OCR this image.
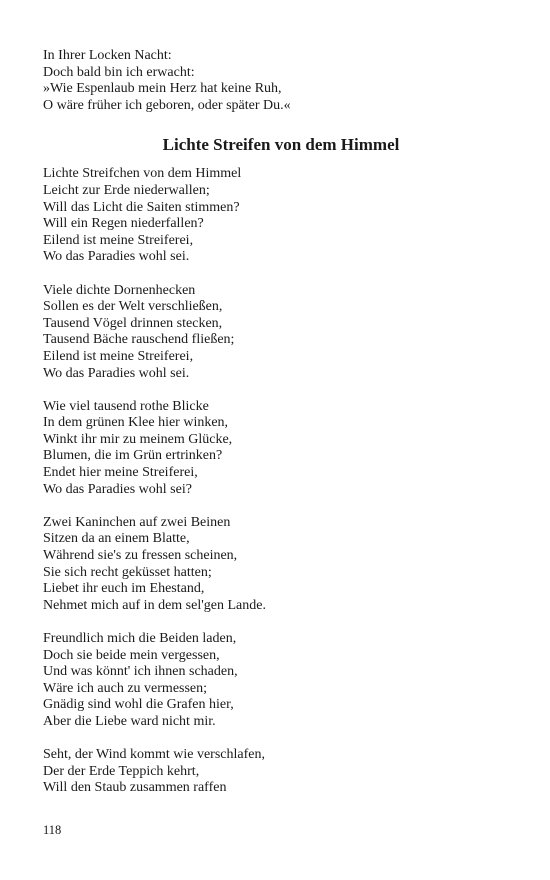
In Ihrer Locken Nacht:
Doch bald bin ich erwacht:
»Wie Espenlaub mein Herz hat keine Ruh,
O wäre früher ich geboren, oder später Du.«
Lichte Streifen von dem Himmel
Lichte Streifchen von dem Himmel
Leicht zur Erde niederwallen;
Will das Licht die Saiten stimmen?
Will ein Regen niederfallen?
Eilend ist meine Streiferei,
Wo das Paradies wohl sei.
Viele dichte Dornenhecken
Sollen es der Welt verschließen,
Tausend Vögel drinnen stecken,
Tausend Bäche rauschend fließen;
Eilend ist meine Streiferei,
Wo das Paradies wohl sei.
Wie viel tausend rothe Blicke
In dem grünen Klee hier winken,
Winkt ihr mir zu meinem Glücke,
Blumen, die im Grün ertrinken?
Endet hier meine Streiferei,
Wo das Paradies wohl sei?
Zwei Kaninchen auf zwei Beinen
Sitzen da an einem Blatte,
Während sie's zu fressen scheinen,
Sie sich recht geküsset hatten;
Liebet ihr euch im Ehestand,
Nehmet mich auf in dem sel'gen Lande.
Freundlich mich die Beiden laden,
Doch sie beide mein vergessen,
Und was könnt' ich ihnen schaden,
Wäre ich auch zu vermessen;
Gnädig sind wohl die Grafen hier,
Aber die Liebe ward nicht mir.
Seht, der Wind kommt wie verschlafen,
Der der Erde Teppich kehrt,
Will den Staub zusammen raffen
118
